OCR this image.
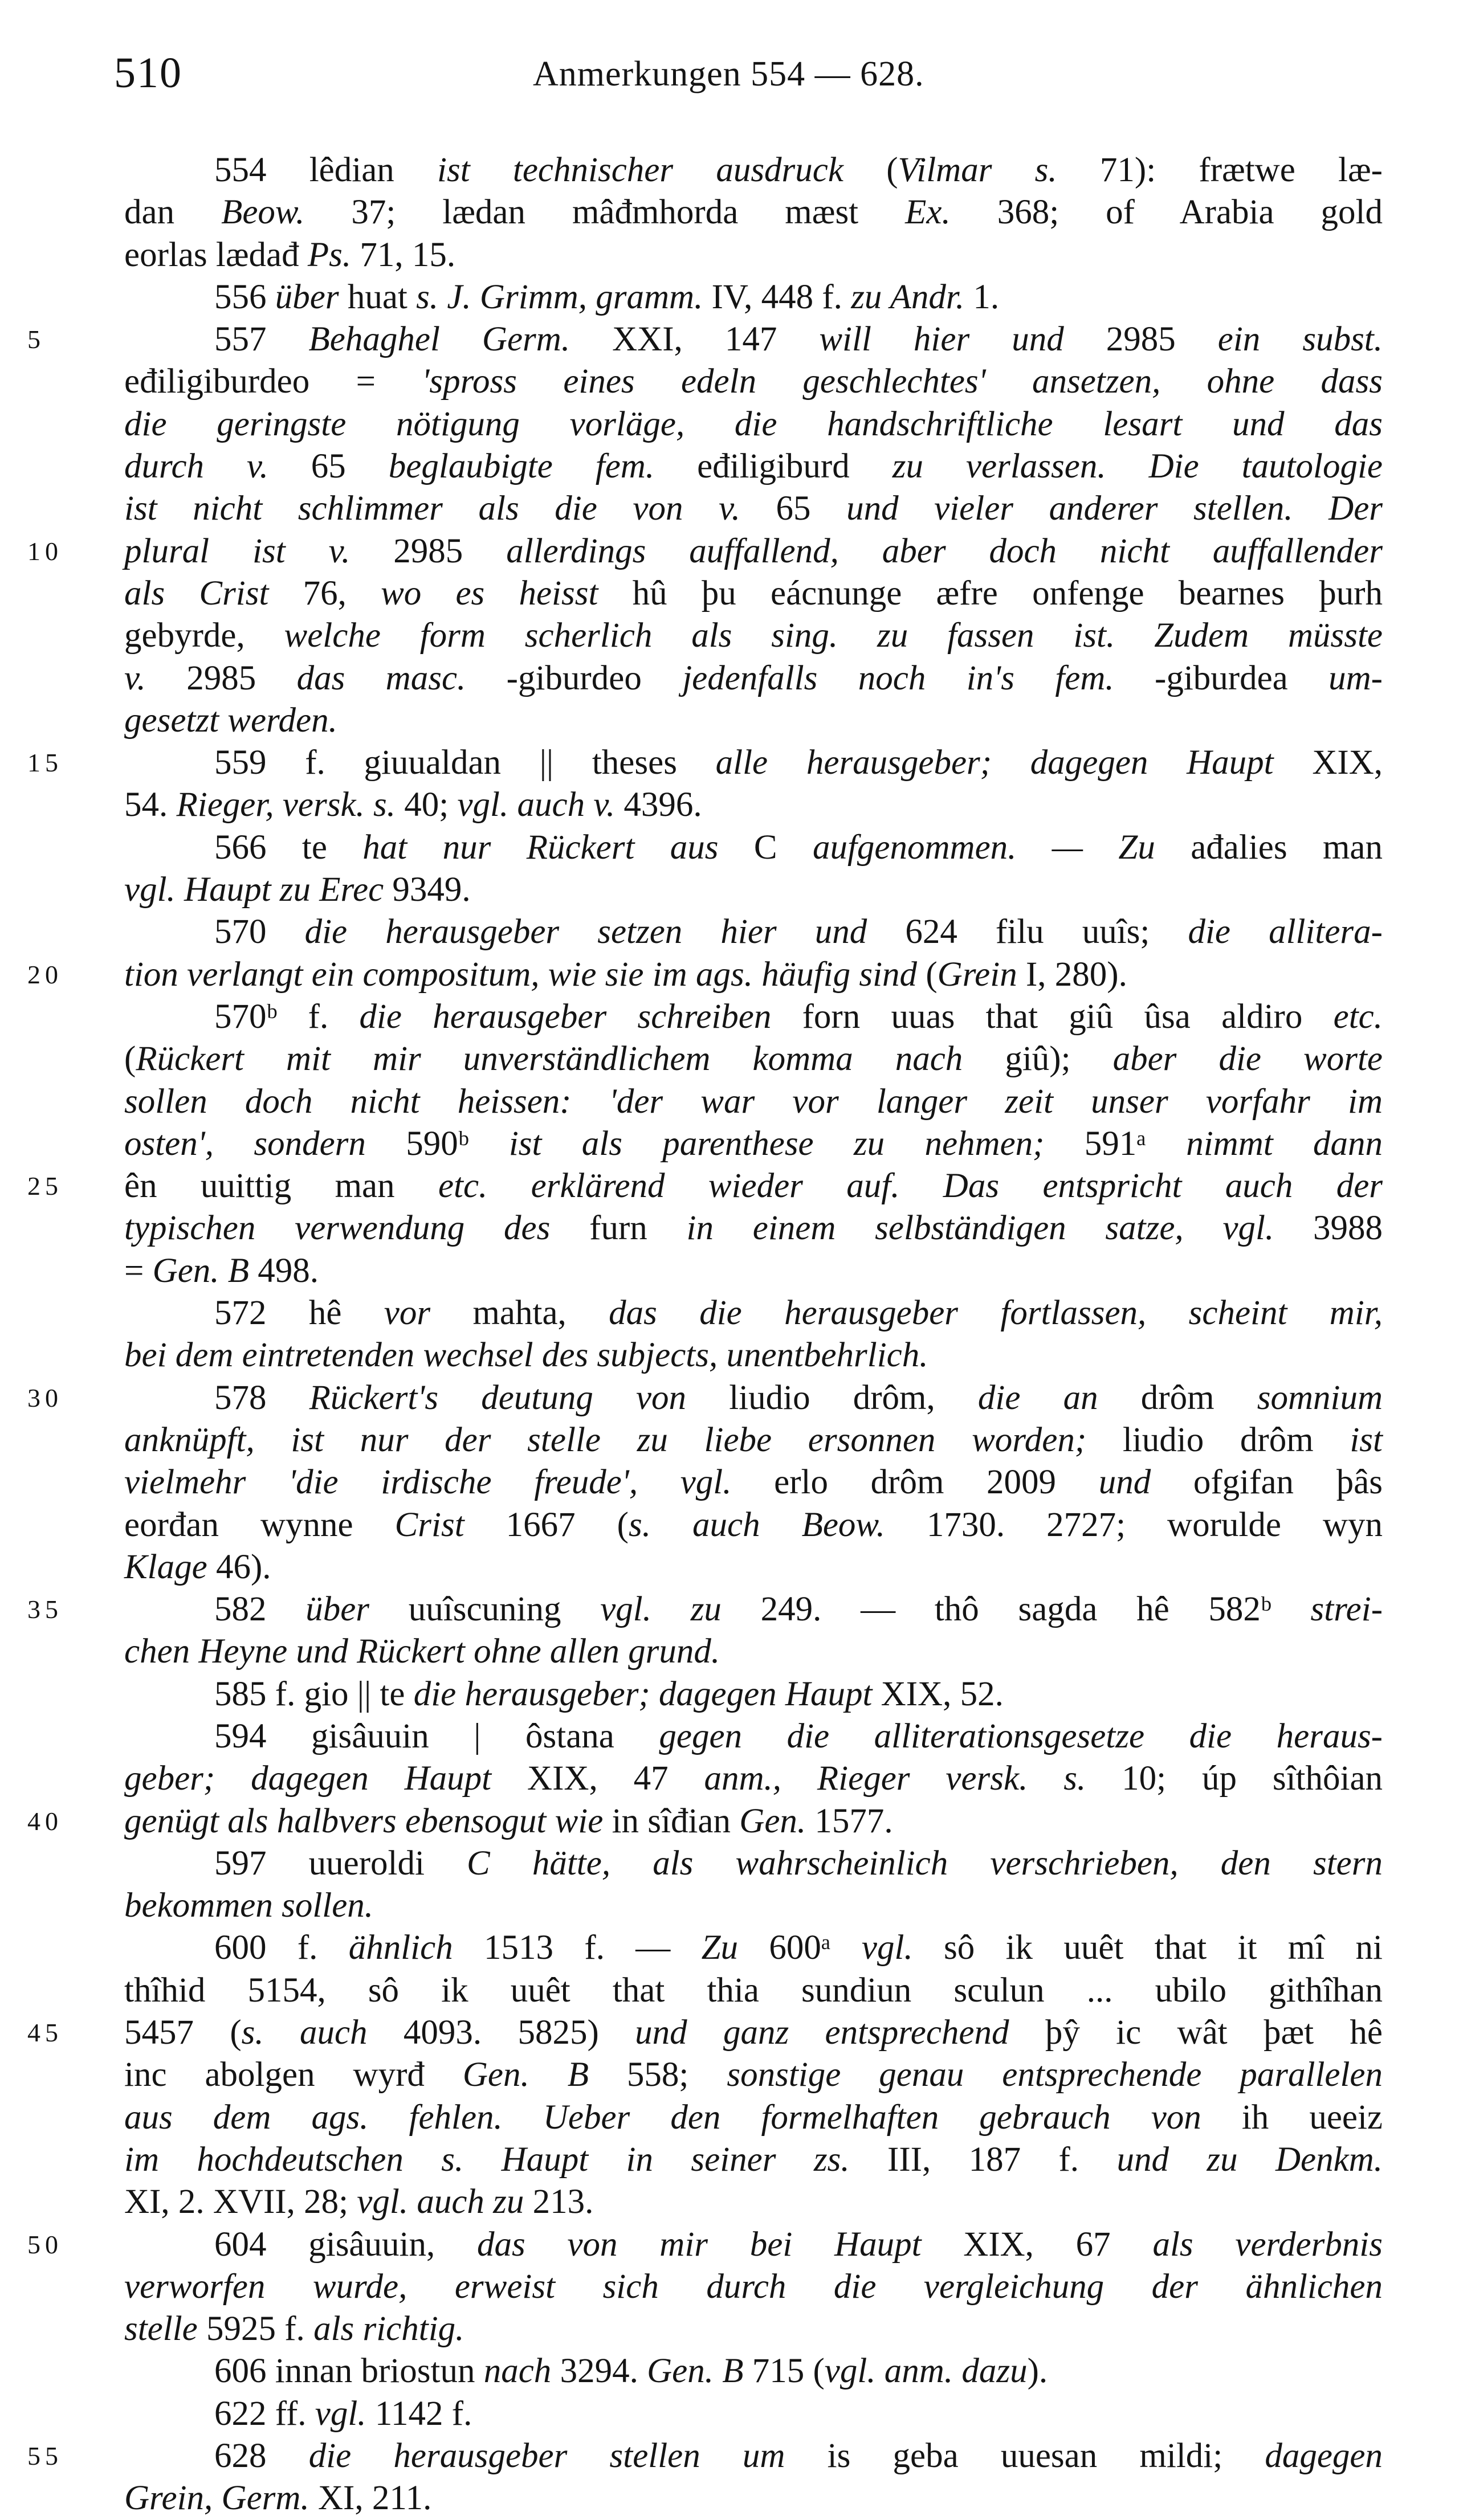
510	Anmerkungen 554 — 628.
554 lêdian ist technischer ausdruck (Vilmar s. 71): frætwe læ-
dan Beow. 37; lædan mâđmhorda mæst Ex. 368; of Arabia gold
eorlas lædađ Ps. 71, 15.
556 über huat s. J. Grimm, gramm. IV, 448 f. zu Andr. 1.
5	557 Behaghel Germ. XXI, 147 will hier und 2985 ein subst.
eđiligiburdeo = 'spross eines edeln geschlechtes' ansetzen, ohne dass
die geringste nötigung vorläge, die handschriftliche lesart und das
durch v. 65 beglaubigte fem. eđiligiburd zu verlassen. Die tautologie
ist nicht schlimmer als die von v. 65 und vieler anderer stellen. Der
10	plural ist v. 2985 allerdings auffallend, aber doch nicht auffallender
als Crist 76, wo es heisst hû þu eácnunge æfre onfenge bearnes þurh
gebyrde, welche form scherlich als sing. zu fassen ist. Zudem müsste
v. 2985 das masc. -giburdeo jedenfalls noch in's fem. -giburdea um-
gesetzt werden.
15	559 f. giuualdan || theses alle herausgeber; dagegen Haupt XIX,
54. Rieger, versk. s. 40; vgl. auch v. 4396.
566 te hat nur Rückert aus C aufgenommen. — Zu ađalies man
vgl. Haupt zu Erec 9349.
570 die herausgeber setzen hier und 624 filu uuîs; die allitera-
20	tion verlangt ein compositum, wie sie im ags. häufig sind (Grein I, 280).
570ᵇ f. die herausgeber schreiben forn uuas that giû ûsa aldiro etc.
(Rückert mit mir unverständlichem komma nach giû); aber die worte
sollen doch nicht heissen: 'der war vor langer zeit unser vorfahr im
osten', sondern 590ᵇ ist als parenthese zu nehmen; 591ᵃ nimmt dann
25	ên uuittig man etc. erklärend wieder auf. Das entspricht auch der
typischen verwendung des furn in einem selbständigen satze, vgl. 3988
= Gen. B 498.
572 hê vor mahta, das die herausgeber fortlassen, scheint mir,
bei dem eintretenden wechsel des subjects, unentbehrlich.
30	578 Rückert's deutung von liudio drôm, die an drôm somnium
anknüpft, ist nur der stelle zu liebe ersonnen worden; liudio drôm ist
vielmehr 'die irdische freude', vgl. erlo drôm 2009 und ofgifan þâs
eorđan wynne Crist 1667 (s. auch Beow. 1730. 2727; worulde wyn
Klage 46).
35	582 über uuîscuning vgl. zu 249. — thô sagda hê 582ᵇ strei-
chen Heyne und Rückert ohne allen grund.
585 f. gio || te die herausgeber; dagegen Haupt XIX, 52.
594 gisâuuin | ôstana gegen die alliterationsgesetze die heraus-
geber; dagegen Haupt XIX, 47 anm., Rieger versk. s. 10; úp sîthôian
40	genügt als halbvers ebensogut wie in sîđian Gen. 1577.
597 uueroldi C hätte, als wahrscheinlich verschrieben, den stern
bekommen sollen.
600 f. ähnlich 1513 f. — Zu 600ᵃ vgl. sô ik uuêt that it mî ni
thîhid 5154, sô ik uuêt that thia sundiun sculun ... ubilo githîhan
45	5457 (s. auch 4093. 5825) und ganz entsprechend þŷ ic wât þæt hê
inc abolgen wyrđ Gen. B 558; sonstige genau entsprechende parallelen
aus dem ags. fehlen. Ueber den formelhaften gebrauch von ih ueeiz
im hochdeutschen s. Haupt in seiner zs. III, 187 f. und zu Denkm.
XI, 2. XVII, 28; vgl. auch zu 213.
50	604 gisâuuin, das von mir bei Haupt XIX, 67 als verderbnis
verworfen wurde, erweist sich durch die vergleichung der ähnlichen
stelle 5925 f. als richtig.
606 innan briostun nach 3294. Gen. B 715 (vgl. anm. dazu).
622 ff. vgl. 1142 f.
55	628 die herausgeber stellen um is geba uuesan mildi; dagegen
Grein, Germ. XI, 211.
